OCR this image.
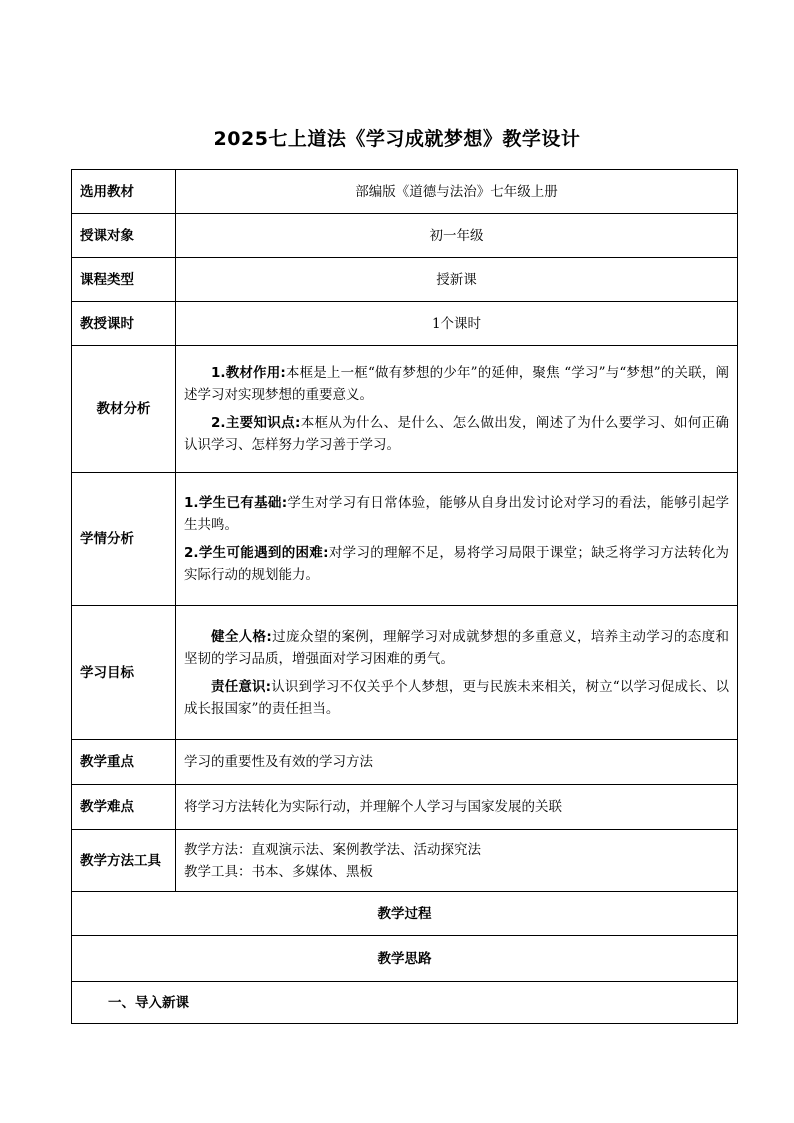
2025七上道法《学习成就梦想》教学设计
选用教材	部编版《道德与法治》七年级上册
授课对象	初一年级
课程类型	授新课
教授课时	1个课时
教材分析	1.教材作用:本框是上一框“做有梦想的少年”的延伸，聚焦 “学习”与“梦想”的关联，阐述学习对实现梦想的重要意义。

2.主要知识点:本框从为什么、是什么、怎么做出发，阐述了为什么要学习、如何正确认识学习、怎样努力学习善于学习。

学情分析	1.学生已有基础:学生对学习有日常体验，能够从自身出发讨论对学习的看法，能够引起学生共鸣。

2.学生可能遇到的困难:对学习的理解不足，易将学习局限于课堂；缺乏将学习方法转化为实际行动的规划能力。

学习目标	健全人格:过庞众望的案例，理解学习对成就梦想的多重意义，培养主动学习的态度和坚韧的学习品质，增强面对学习困难的勇气。

责任意识:认识到学习不仅关乎个人梦想，更与民族未来相关，树立“以学习促成长、以成长报国家”的责任担当。

教学重点	学习的重要性及有效的学习方法
教学难点	将学习方法转化为实际行动，并理解个人学习与国家发展的关联
教学方法工具	教学方法：直观演示法、案例教学法、活动探究法

教学工具：书本、多媒体、黑板

教学过程	
教学思路	
一、导入新课	
